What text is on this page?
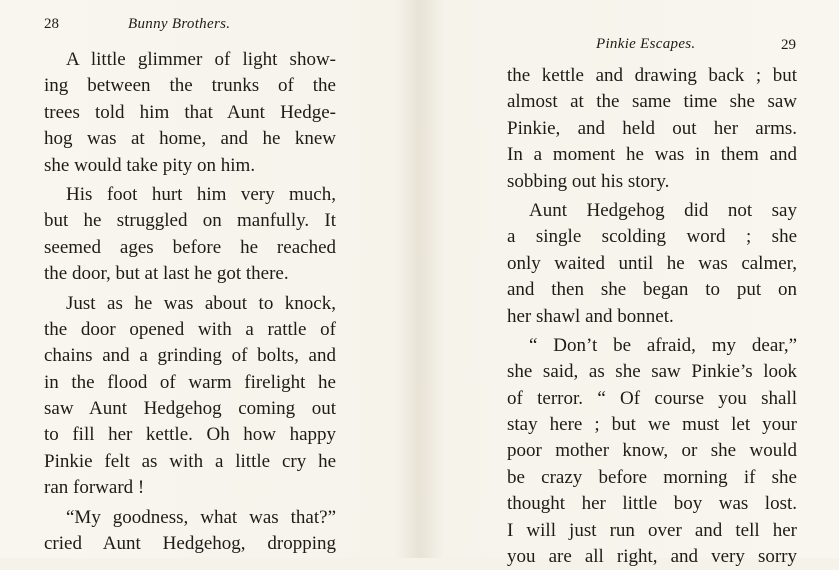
28	Bunny Brothers.
A little glimmer of light show-
ing between the trunks of the
trees told him that Aunt Hedge-
hog was at home, and he knew
she would take pity on him.
His foot hurt him very much,
but he struggled on manfully. It
seemed ages before he reached
the door, but at last he got there.
Just as he was about to knock,
the door opened with a rattle of
chains and a grinding of bolts, and
in the flood of warm firelight he
saw Aunt Hedgehog coming out
to fill her kettle. Oh how happy
Pinkie felt as with a little cry he
ran forward !
“My goodness, what was that?”
cried Aunt Hedgehog, dropping
Pinkie Escapes.	29
the kettle and drawing back ; but
almost at the same time she saw
Pinkie, and held out her arms.
In a moment he was in them and
sobbing out his story.
Aunt Hedgehog did not say
a single scolding word ; she
only waited until he was calmer,
and then she began to put on
her shawl and bonnet.
“ Don’t be afraid, my dear,”
she said, as she saw Pinkie’s look
of terror. “ Of course you shall
stay here ; but we must let your
poor mother know, or she would
be crazy before morning if she
thought her little boy was lost.
I will just run over and tell her
you are all right, and very sorry
